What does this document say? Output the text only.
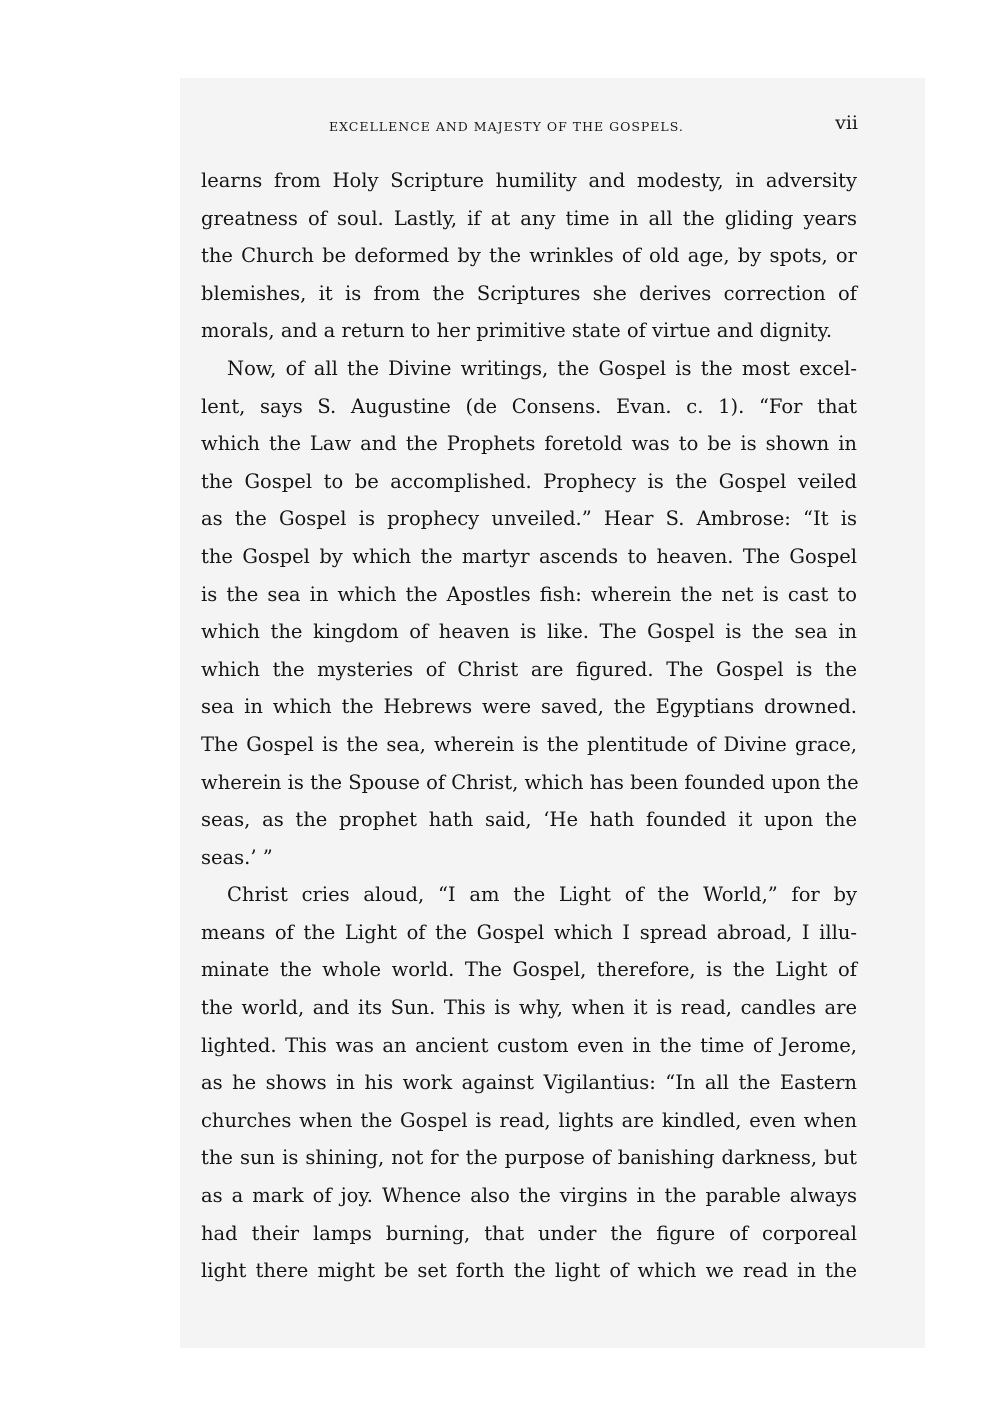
EXCELLENCE AND MAJESTY OF THE GOSPELS.	vii
learns from Holy Scripture humility and modesty, in adversity
greatness of soul. Lastly, if at any time in all the gliding years
the Church be deformed by the wrinkles of old age, by spots, or
blemishes, it is from the Scriptures she derives correction of
morals, and a return to her primitive state of virtue and dignity.
Now, of all the Divine writings, the Gospel is the most excel-
lent, says S. Augustine (de Consens. Evan. c. 1). “For that
which the Law and the Prophets foretold was to be is shown in
the Gospel to be accomplished. Prophecy is the Gospel veiled
as the Gospel is prophecy unveiled.” Hear S. Ambrose: “It is
the Gospel by which the martyr ascends to heaven. The Gospel
is the sea in which the Apostles fish: wherein the net is cast to
which the kingdom of heaven is like. The Gospel is the sea in
which the mysteries of Christ are figured. The Gospel is the
sea in which the Hebrews were saved, the Egyptians drowned.
The Gospel is the sea, wherein is the plentitude of Divine grace,
wherein is the Spouse of Christ, which has been founded upon the
seas, as the prophet hath said, ‘He hath founded it upon the
seas.’ ”
Christ cries aloud, “I am the Light of the World,” for by
means of the Light of the Gospel which I spread abroad, I illu-
minate the whole world. The Gospel, therefore, is the Light of
the world, and its Sun. This is why, when it is read, candles are
lighted. This was an ancient custom even in the time of Jerome,
as he shows in his work against Vigilantius: “In all the Eastern
churches when the Gospel is read, lights are kindled, even when
the sun is shining, not for the purpose of banishing darkness, but
as a mark of joy. Whence also the virgins in the parable always
had their lamps burning, that under the figure of corporeal
light there might be set forth the light of which we read in the
